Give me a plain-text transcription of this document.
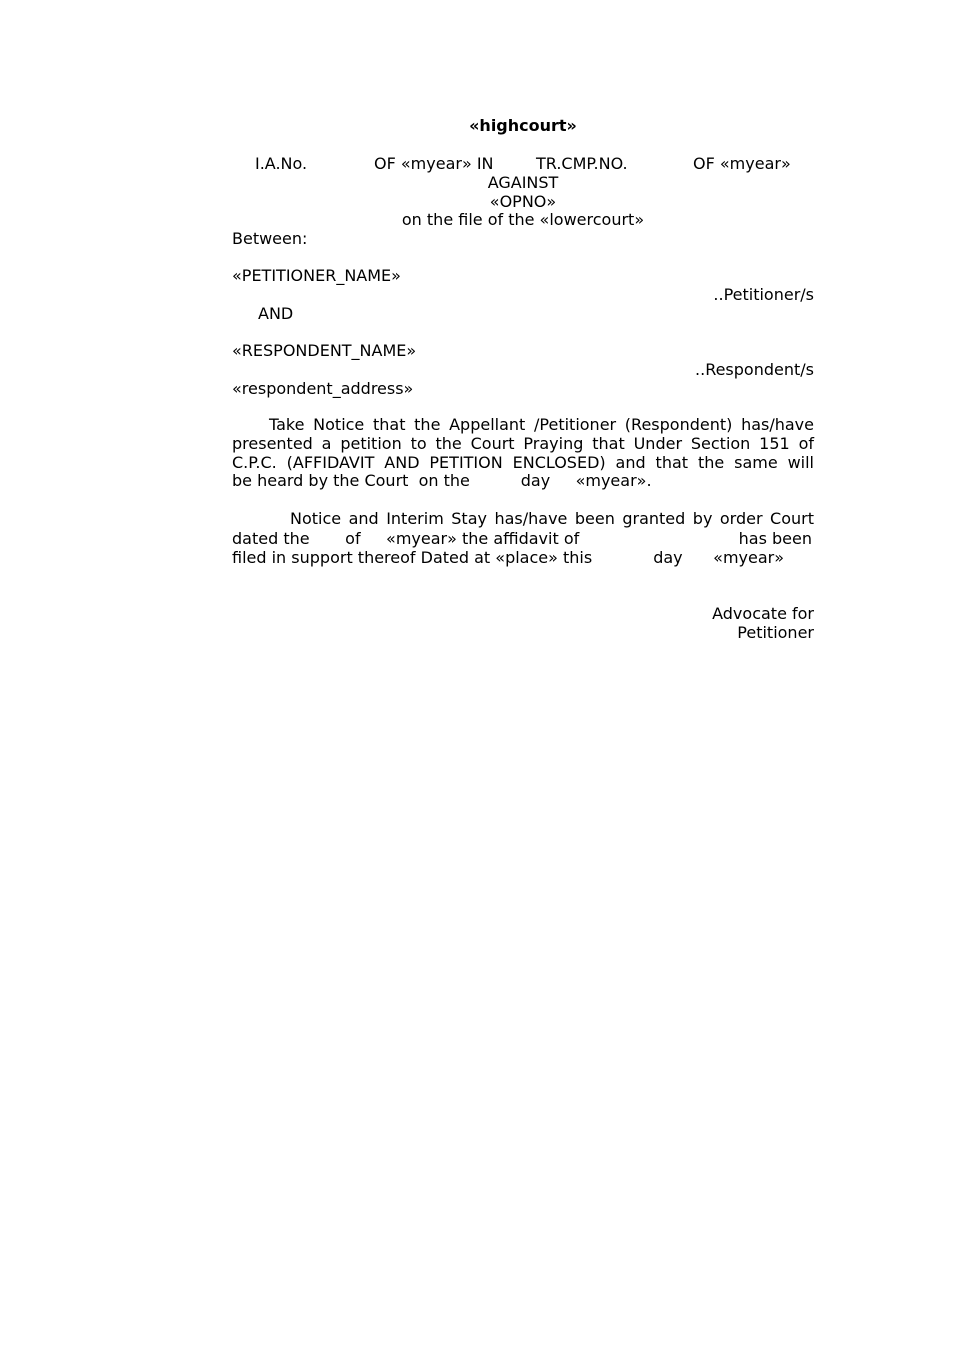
«highcourt»
I.A.No.	OF «myear» IN	TR.CMP.NO.	OF «myear»
AGAINST
«OPNO»
on the file of the «lowercourt»
Between:
«PETITIONER_NAME»
..Petitioner/s
AND
«RESPONDENT_NAME»
..Respondent/s
«respondent_address»
Take Notice that the Appellant /Petitioner (Respondent) has/have
presented a petition to the Court Praying that Under Section 151 of
C.P.C. (AFFIDAVIT AND PETITION ENCLOSED) and that the same will
be heard by the Court  on the          day     «myear».
Notice and Interim Stay has/have been granted by order Court
dated the       of     «myear» the affidavit of	has been
filed in support thereof Dated at «place» this            day      «myear»
Advocate for
Petitioner
